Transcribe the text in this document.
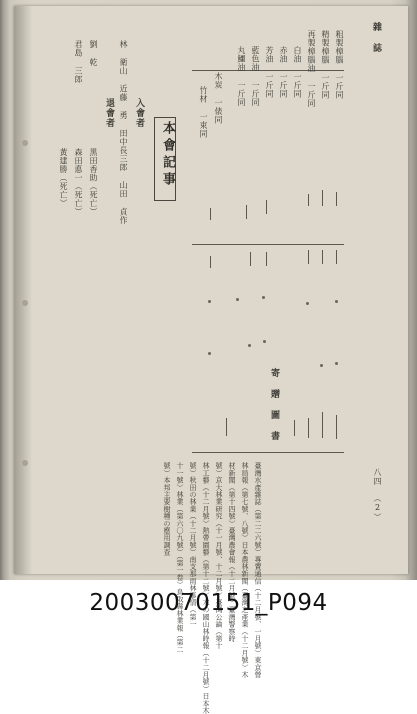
雜 誌
八四
（2）
粗製樟腦 一斤同
精製樟腦 一斤同
再製樟腦油 一斤同
白油 一斤同
赤油 一斤同
芳油 一斤同
藍色油 一斤同
丸鱷油 一斤同
木炭 一俵同
竹材 一束同
寄 贈 圖 書
臺灣水產雜誌（第二二六號）專賣通信（十二月號、一月號）東京營
林局報（第七號、八號）日本農林新聞（臺灣之產業（十二月號）木
材新聞（第十四號）臺灣農會報（十二月號）臺灣警察時
號）京大林業研究（十一月號、十二月號）臺灣公論（第十
林工藝（十二月號）熱帶園藝（第十二號）木の國山林時報（十二月號）日本木
號）秋田の林業（十二月號）南支那雨林事情（第一
十一號）林業（第六〇九號）（第一卷）鳥取縣林業報（第二
號）本邦主要樹種の應用調查
本會記事
入會者
林 衛山 近藤 勇 田中長三郎 山田 貞作
退會者
黑田香助（死亡）
劉 乾
森田悳一（死亡）
君島 三郎
黃建勝（死亡）
20030070151_P094
